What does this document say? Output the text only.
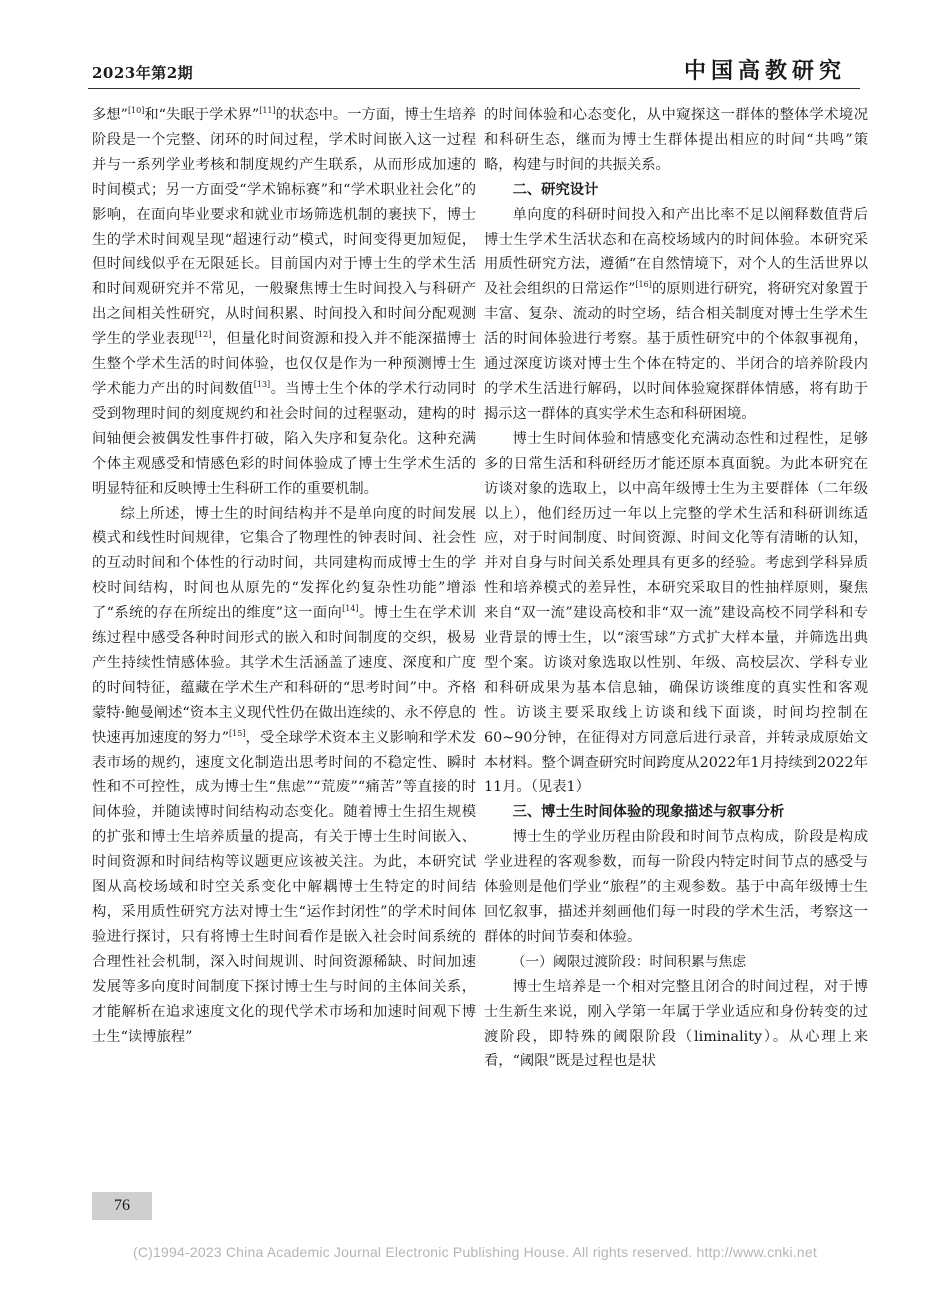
2023年第2期	中国高教研究

多想”[10]和“失眠于学术界”[11]的状态中。一方面，博士生培养阶段是一个完整、闭环的时间过程，学术时间嵌入这一过程并与一系列学业考核和制度规约产生联系，从而形成加速的时间模式；另一方面受“学术锦标赛”和“学术职业社会化”的影响，在面向毕业要求和就业市场筛选机制的裹挟下，博士生的学术时间观呈现“超速行动”模式，时间变得更加短促，但时间线似乎在无限延长。目前国内对于博士生的学术生活和时间观研究并不常见，一般聚焦博士生时间投入与科研产出之间相关性研究，从时间积累、时间投入和时间分配观测学生的学业表现[12]，但量化时间资源和投入并不能深描博士生整个学术生活的时间体验，也仅仅是作为一种预测博士生学术能力产出的时间数值[13]。当博士生个体的学术行动同时受到物理时间的刻度规约和社会时间的过程驱动，建构的时间轴便会被偶发性事件打破，陷入失序和复杂化。这种充满个体主观感受和情感色彩的时间体验成了博士生学术生活的明显特征和反映博士生科研工作的重要机制。

综上所述，博士生的时间结构并不是单向度的时间发展模式和线性时间规律，它集合了物理性的钟表时间、社会性的互动时间和个体性的行动时间，共同建构而成博士生的学校时间结构，时间也从原先的“发挥化约复杂性功能”增添了“系统的存在所绽出的维度”这一面向[14]。博士生在学术训练过程中感受各种时间形式的嵌入和时间制度的交织，极易产生持续性情感体验。其学术生活涵盖了速度、深度和广度的时间特征，蕴藏在学术生产和科研的“思考时间”中。齐格蒙特·鲍曼阐述“资本主义现代性仍在做出连续的、永不停息的快速再加速度的努力”[15]，受全球学术资本主义影响和学术发表市场的规约，速度文化制造出思考时间的不稳定性、瞬时性和不可控性，成为博士生“焦虑”“荒废”“痛苦”等直接的时间体验，并随读博时间结构动态变化。随着博士生招生规模的扩张和博士生培养质量的提高，有关于博士生时间嵌入、时间资源和时间结构等议题更应该被关注。为此，本研究试图从高校场域和时空关系变化中解耦博士生特定的时间结构，采用质性研究方法对博士生“运作封闭性”的学术时间体验进行探讨，只有将博士生时间看作是嵌入社会时间系统的合理性社会机制，深入时间规训、时间资源稀缺、时间加速发展等多向度时间制度下探讨博士生与时间的主体间关系，才能解析在追求速度文化的现代学术市场和加速时间观下博士生“读博旅程”

的时间体验和心态变化，从中窥探这一群体的整体学术境况和科研生态，继而为博士生群体提出相应的时间“共鸣”策略，构建与时间的共振关系。

二、研究设计

单向度的科研时间投入和产出比率不足以阐释数值背后博士生学术生活状态和在高校场域内的时间体验。本研究采用质性研究方法，遵循“在自然情境下，对个人的生活世界以及社会组织的日常运作”[16]的原则进行研究，将研究对象置于丰富、复杂、流动的时空场，结合相关制度对博士生学术生活的时间体验进行考察。基于质性研究中的个体叙事视角，通过深度访谈对博士生个体在特定的、半闭合的培养阶段内的学术生活进行解码，以时间体验窥探群体情感，将有助于揭示这一群体的真实学术生态和科研困境。

博士生时间体验和情感变化充满动态性和过程性，足够多的日常生活和科研经历才能还原本真面貌。为此本研究在访谈对象的选取上，以中高年级博士生为主要群体（二年级以上），他们经历过一年以上完整的学术生活和科研训练适应，对于时间制度、时间资源、时间文化等有清晰的认知，并对自身与时间关系处理具有更多的经验。考虑到学科异质性和培养模式的差异性，本研究采取目的性抽样原则，聚焦来自“双一流”建设高校和非“双一流”建设高校不同学科和专业背景的博士生，以“滚雪球”方式扩大样本量，并筛选出典型个案。访谈对象选取以性别、年级、高校层次、学科专业和科研成果为基本信息轴，确保访谈维度的真实性和客观性。访谈主要采取线上访谈和线下面谈，时间均控制在60~90分钟，在征得对方同意后进行录音，并转录成原始文本材料。整个调查研究时间跨度从2022年1月持续到2022年11月。（见表1）

三、博士生时间体验的现象描述与叙事分析

博士生的学业历程由阶段和时间节点构成，阶段是构成学业进程的客观参数，而每一阶段内特定时间节点的感受与体验则是他们学业“旅程”的主观参数。基于中高年级博士生回忆叙事，描述并刻画他们每一时段的学术生活，考察这一群体的时间节奏和体验。

（一）阈限过渡阶段：时间积累与焦虑

博士生培养是一个相对完整且闭合的时间过程，对于博士生新生来说，刚入学第一年属于学业适应和身份转变的过渡阶段，即特殊的阈限阶段（liminality）。从心理上来看，“阈限”既是过程也是状

76
(C)1994-2023 China Academic Journal Electronic Publishing House. All rights reserved. http://www.cnki.net
